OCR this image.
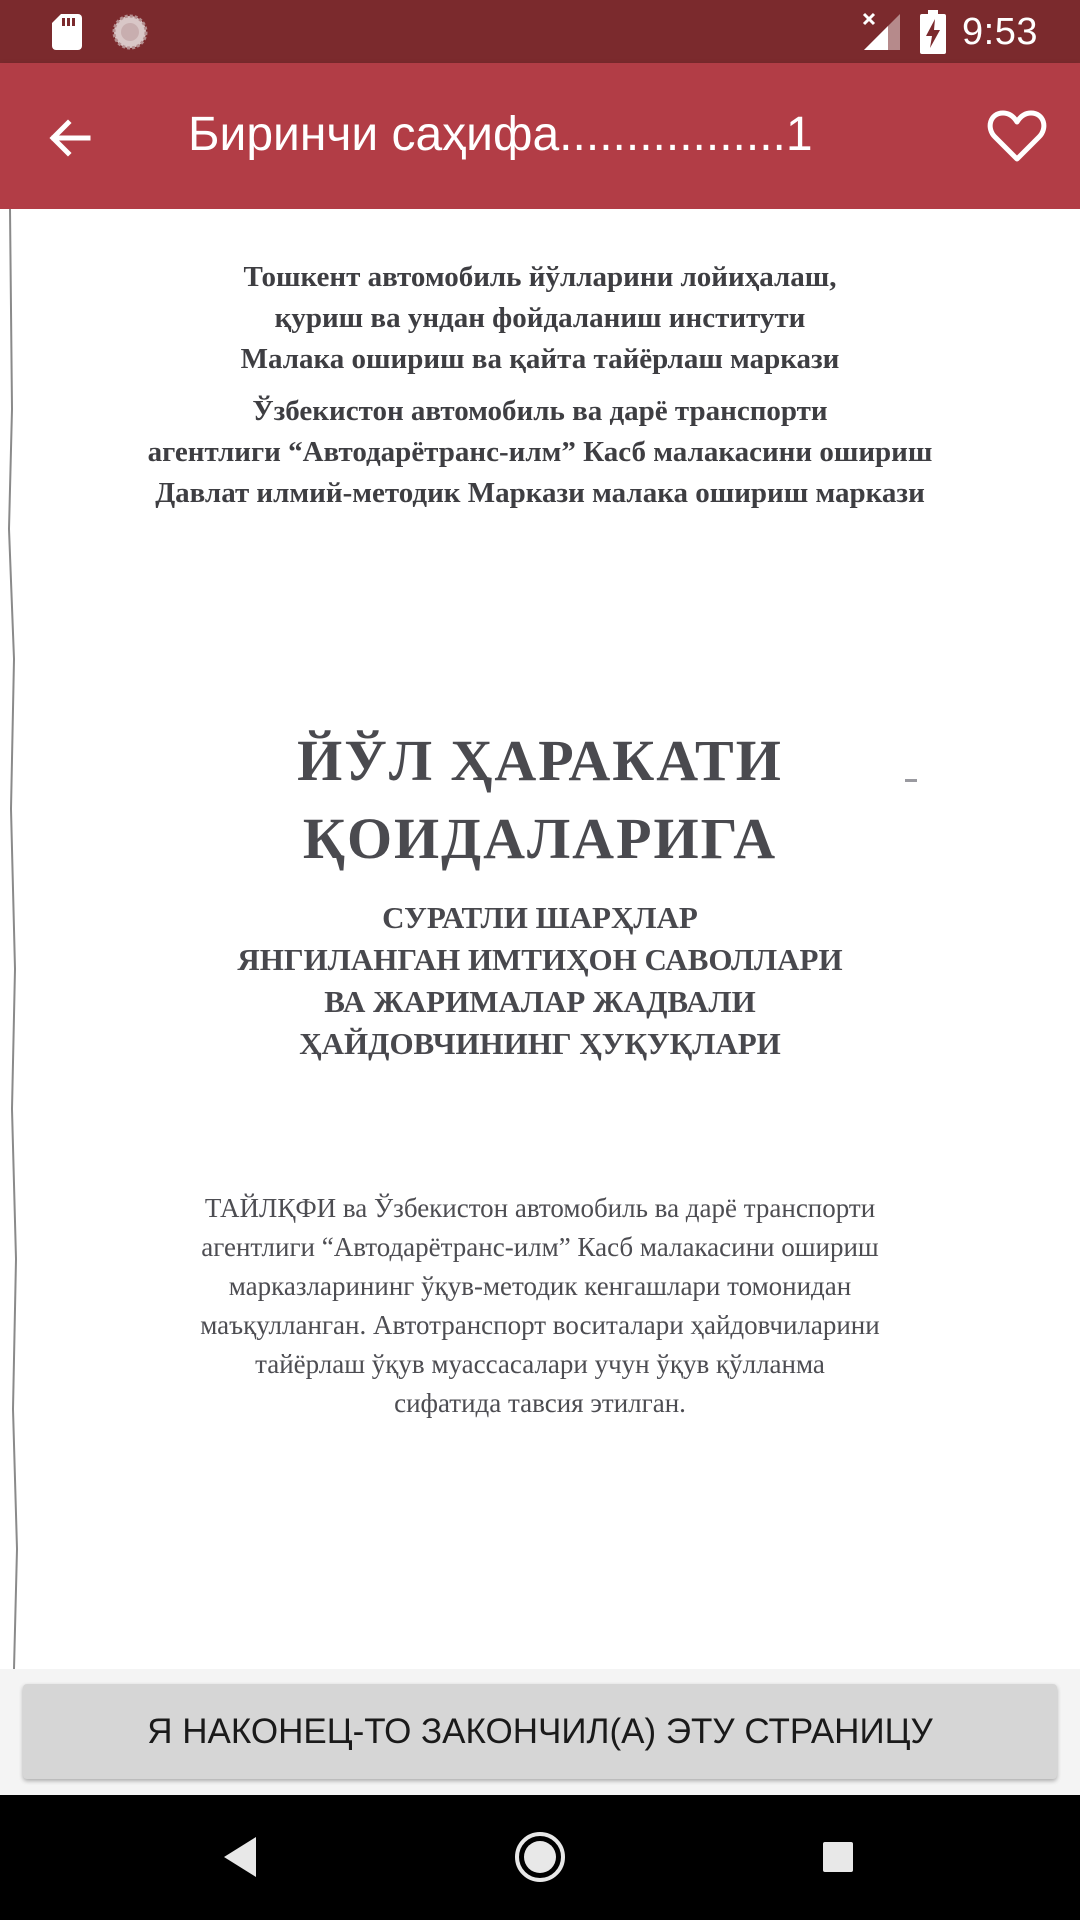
9:53
Биринчи саҳифа.................1
Тошкент автомобиль йўлларини лойиҳалаш,
қуриш ва ундан фойдаланиш институти
Малака ошириш ва қайта тайёрлаш маркази
Ўзбекистон автомобиль ва дарё транспорти
агентлиги “Автодарётранс-илм” Касб малакасини ошириш
Давлат илмий-методик Маркази малака ошириш маркази
ЙЎЛ ҲАРАКАТИ
ҚОИДАЛАРИГА
СУРАТЛИ ШАРҲЛАР
ЯНГИЛАНГАН ИМТИҲОН САВОЛЛАРИ
ВА ЖАРИМАЛАР ЖАДВАЛИ
ҲАЙДОВЧИНИНГ ҲУҚУҚЛАРИ
ТАЙЛҚФИ ва Ўзбекистон автомобиль ва дарё транспорти
агентлиги “Автодарётранс-илм” Касб малакасини ошириш
марказларининг ўқув-методик кенгашлари томонидан
маъқулланган. Автотранспорт воситалари ҳайдовчиларини
тайёрлаш ўқув муассасалари учун ўқув қўлланма
сифатида тавсия этилган.
Я НАКОНЕЦ-ТО ЗАКОНЧИЛ(А) ЭТУ СТРАНИЦУ
